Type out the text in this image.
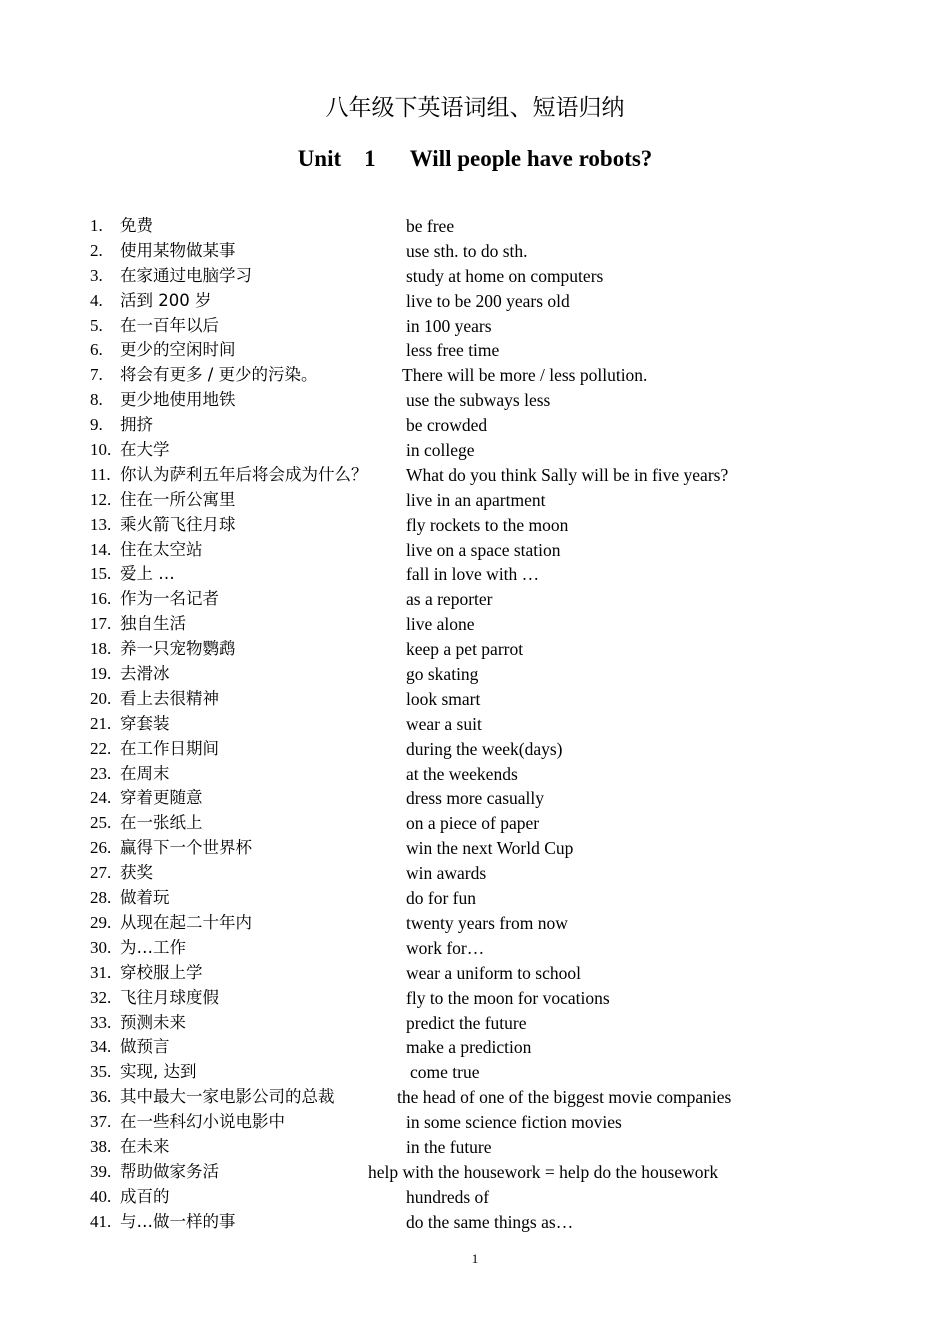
八年级下英语词组、短语归纳
Unit    1      Will people have robots?
1. 免费	be free
2. 使用某物做某事	use sth. to do sth.
3. 在家通过电脑学习	study at home on computers
4. 活到 200 岁	live to be 200 years old
5. 在一百年以后	in 100 years
6. 更少的空闲时间	less free time
7. 将会有更多 / 更少的污染。	There will be more / less pollution.
8. 更少地使用地铁	use the subways less
9. 拥挤	be crowded
10. 在大学	in college
11. 你认为萨利五年后将会成为什么？ What do you think Sally will be in five years?
12. 住在一所公寓里	live in an apartment
13. 乘火箭飞往月球	fly rockets to the moon
14. 住在太空站	live on a space station
15. 爱上 …	fall in love with …
16. 作为一名记者	as a reporter
17. 独自生活	live alone
18. 养一只宠物鹦鹉	keep a pet parrot
19. 去滑冰	go skating
20. 看上去很精神	look smart
21. 穿套装	wear a suit
22. 在工作日期间	during the week(days)
23. 在周末	at the weekends
24. 穿着更随意	dress more casually
25. 在一张纸上	on a piece of paper
26. 赢得下一个世界杯	win the next World Cup
27. 获奖	win awards
28. 做着玩	do for fun
29. 从现在起二十年内	twenty years from now
30. 为…工作	work for…
31. 穿校服上学	wear a uniform to school
32. 飞往月球度假	fly to the moon for vocations
33. 预测未来	predict the future
34. 做预言	make a prediction
35. 实现, 达到	come true
36. 其中最大一家电影公司的总裁	the head of one of the biggest movie companies
37. 在一些科幻小说电影中	in some science fiction movies
38. 在未来	in the future
39. 帮助做家务活	help with the housework = help do the housework
40. 成百的	hundreds of
41. 与…做一样的事	do the same things as…
1
